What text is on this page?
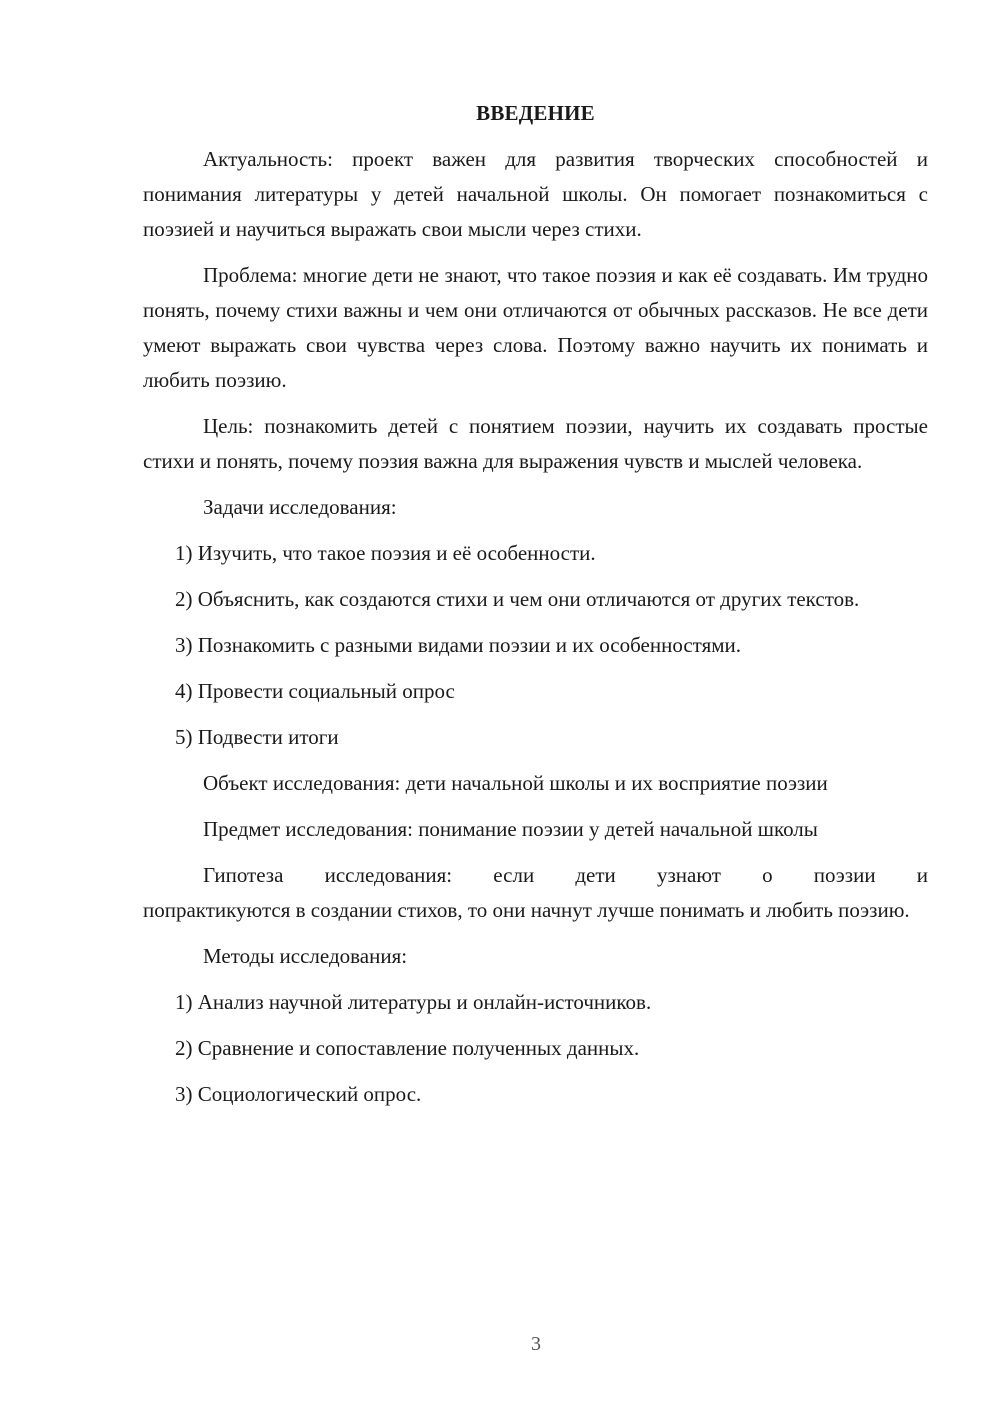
ВВЕДЕНИЕ

Актуальность: проект важен для развития творческих способностей и понимания литературы у детей начальной школы. Он помогает познакомиться с поэзией и научиться выражать свои мысли через стихи.

Проблема: многие дети не знают, что такое поэзия и как её создавать. Им трудно понять, почему стихи важны и чем они отличаются от обычных рассказов. Не все дети умеют выражать свои чувства через слова. Поэтому важно научить их понимать и любить поэзию.

Цель: познакомить детей с понятием поэзии, научить их создавать простые стихи и понять, почему поэзия важна для выражения чувств и мыслей человека.

Задачи исследования:

1) Изучить, что такое поэзия и её особенности.

2) Объяснить, как создаются стихи и чем они отличаются от других текстов.

3) Познакомить с разными видами поэзии и их особенностями.

4) Провести социальный опрос

5) Подвести итоги

Объект исследования: дети начальной школы и их восприятие поэзии

Предмет исследования: понимание поэзии у детей начальной школы

Гипотеза исследования: если дети узнают о поэзии и
попрактикуются в создании стихов, то они начнут лучше понимать и любить поэзию.

Методы исследования:

1) Анализ научной литературы и онлайн-источников.

2) Сравнение и сопоставление полученных данных.

3) Социологический опрос.

3
